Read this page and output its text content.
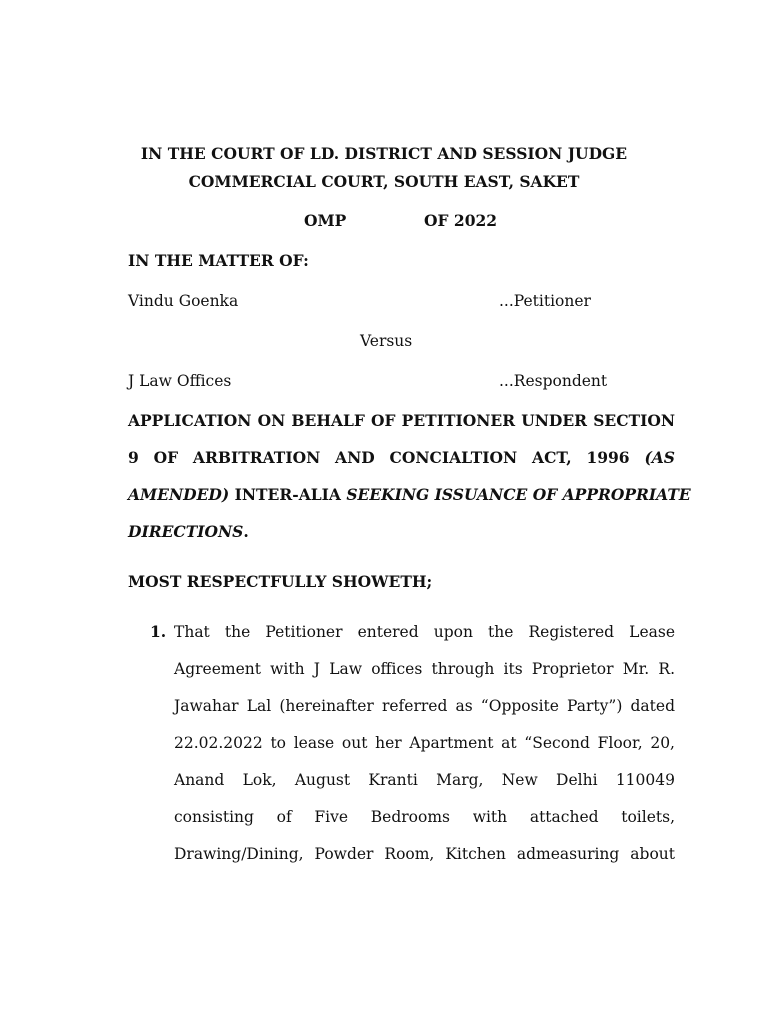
IN THE COURT OF LD. DISTRICT AND SESSION JUDGE
COMMERCIAL COURT, SOUTH EAST, SAKET
OMP	OF 2022
IN THE MATTER OF:
Vindu Goenka	...Petitioner
Versus
J Law Offices	...Respondent
APPLICATION ON BEHALF OF PETITIONER UNDER SECTION
9 OF ARBITRATION AND CONCIALTION ACT, 1996 (AS
AMENDED) INTER-ALIA SEEKING ISSUANCE OF APPROPRIATE
DIRECTIONS.
MOST RESPECTFULLY SHOWETH;
1. That the Petitioner entered upon the Registered Lease
Agreement with J Law offices through its Proprietor Mr. R.
Jawahar Lal (hereinafter referred as “Opposite Party”) dated
22.02.2022 to lease out her Apartment at “Second Floor, 20,
Anand Lok, August Kranti Marg, New Delhi 110049
consisting of Five Bedrooms with attached toilets,
Drawing/Dining, Powder Room, Kitchen admeasuring about
